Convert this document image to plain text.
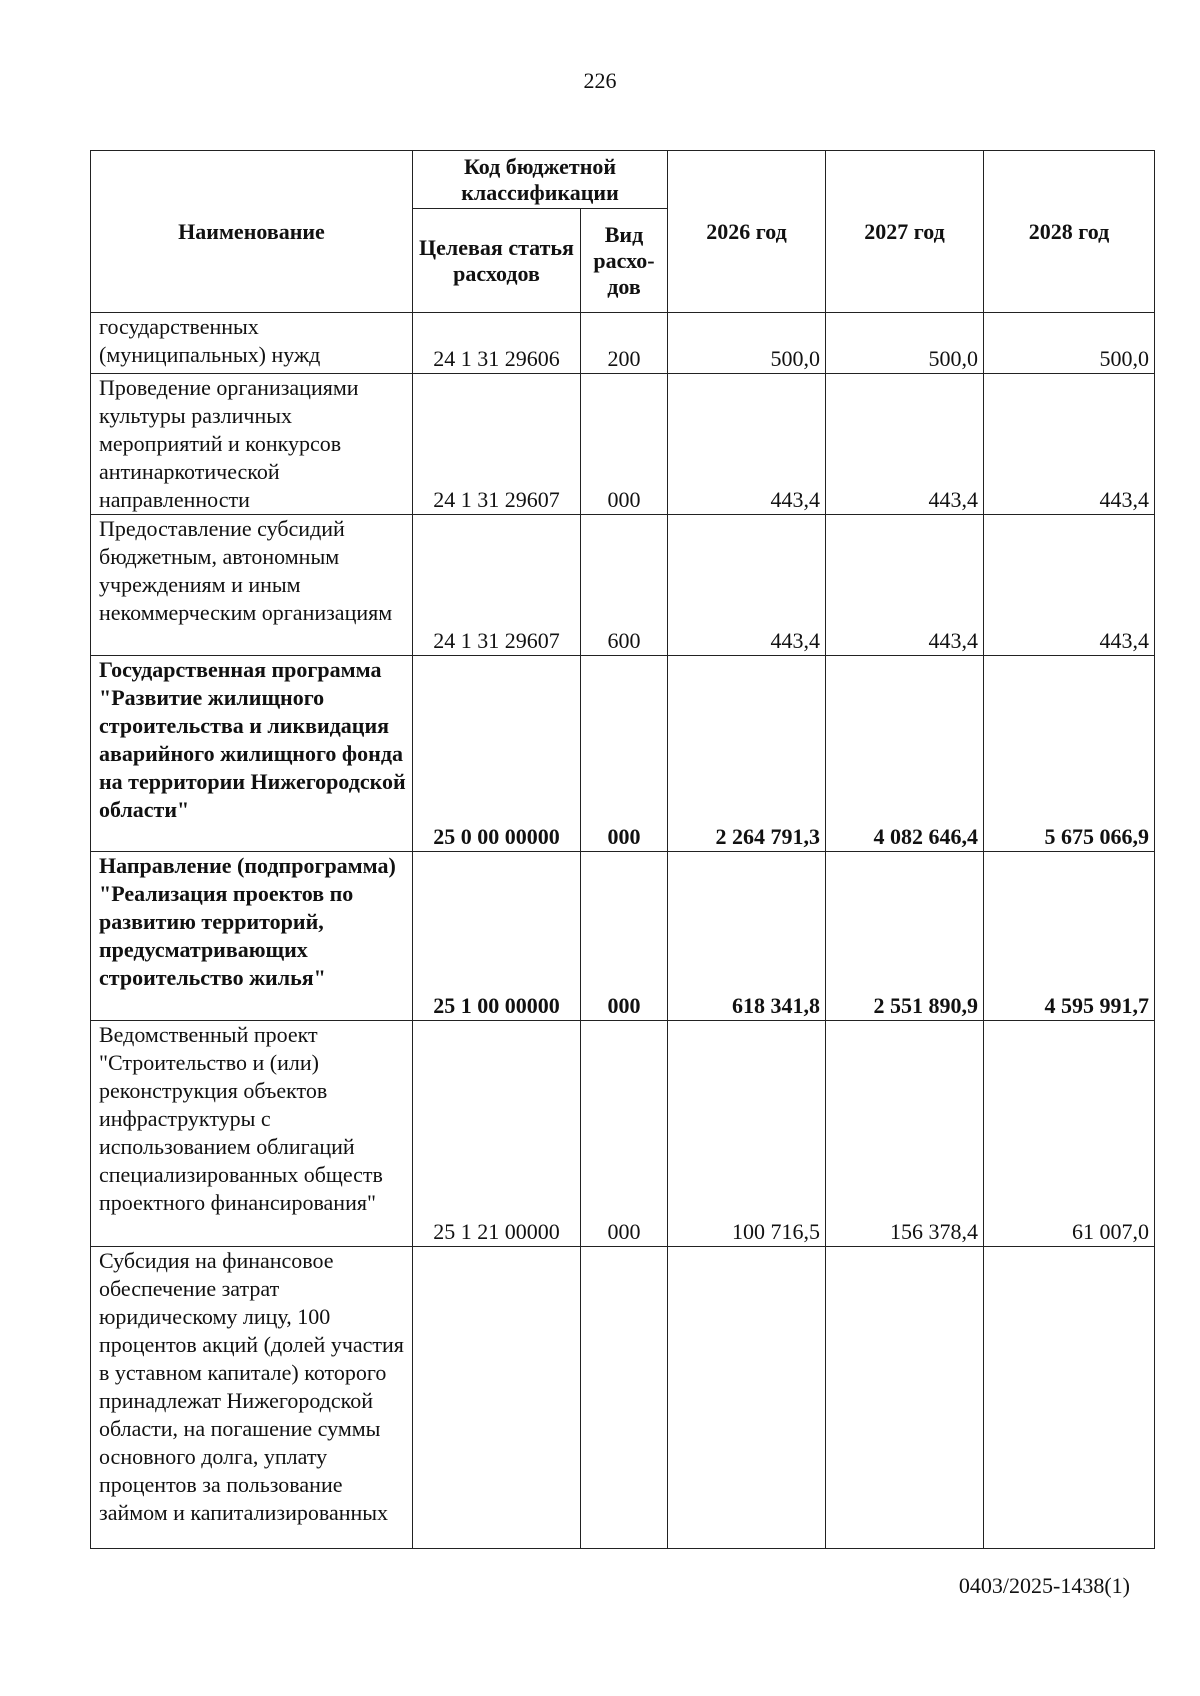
226
Наименование	Код бюджетной классификации		2026 год	2027 год	2028 год
	Целевая статья расходов	Вид расхо-дов			
государственных (муниципальных) нужд	24 1 31 29606	200	500,0	500,0	500,0
Проведение организациями культуры различных мероприятий и конкурсов антинаркотической направленности	24 1 31 29607	000	443,4	443,4	443,4
Предоставление субсидий бюджетным, автономным учреждениям и иным некоммерческим организациям	24 1 31 29607	600	443,4	443,4	443,4
Государственная программа "Развитие жилищного строительства и ликвидация аварийного жилищного фонда на территории Нижегородской области"	25 0 00 00000	000	2 264 791,3	4 082 646,4	5 675 066,9
Направление (подпрограмма) "Реализация проектов по развитию территорий, предусматривающих строительство жилья"	25 1 00 00000	000	618 341,8	2 551 890,9	4 595 991,7
Ведомственный проект "Строительство и (или) реконструкция объектов инфраструктуры с использованием облигаций специализированных обществ проектного финансирования"	25 1 21 00000	000	100 716,5	156 378,4	61 007,0
Субсидия на финансовое обеспечение затрат юридическому лицу, 100 процентов акций (долей участия в уставном капитале) которого принадлежат Нижегородской области, на погашение суммы основного долга, уплату процентов за пользование займом и капитализированных					
0403/2025-1438(1)
